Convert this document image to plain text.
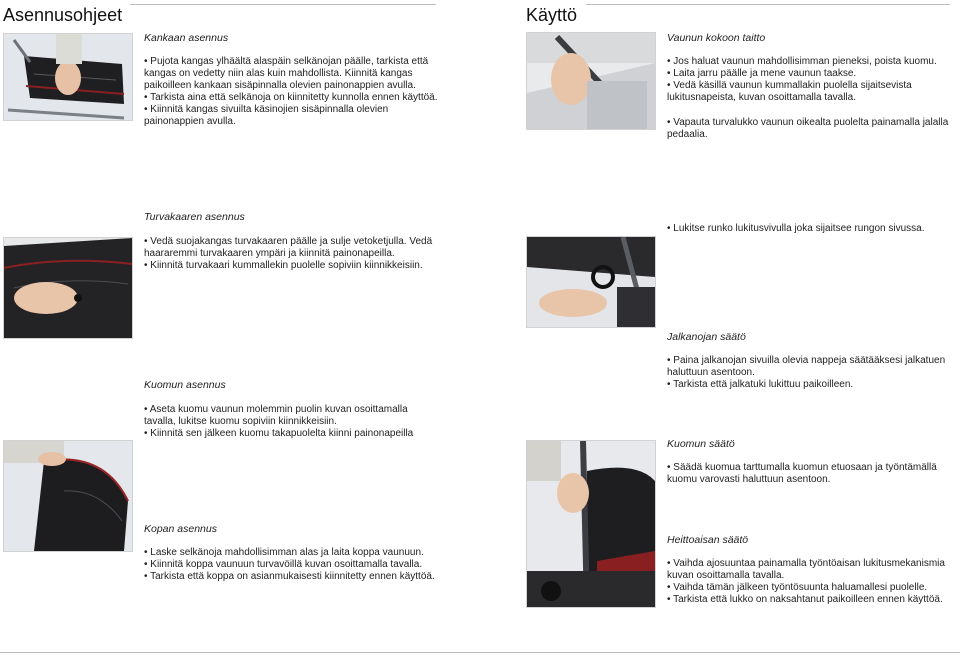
Asennusohjeet	Käyttö
Kankaan asennus
• Pujota kangas ylhäältä alaspäin selkänojan päälle, tarkista että kangas on vedetty niin alas kuin mahdollista. Kiinnitä kangas paikoilleen kankaan sisäpinnalla olevien painonappien avulla.
• Tarkista aina että selkänoja on kiinnitetty kunnolla ennen käyttöä.
• Kiinnitä kangas sivuilta käsinojien sisäpinnalla olevien painonappien avulla.
Turvakaaren asennus
• Vedä suojakangas turvakaaren päälle ja sulje vetoketjulla. Vedä haararemmi turvakaaren ympäri ja kiinnitä painonapeilla.
• Kiinnitä turvakaari kummallekin puolelle sopiviin kiinnikkeisiin.
Kuomun asennus
• Aseta kuomu vaunun molemmin puolin kuvan osoittamalla tavalla, lukitse kuomu sopiviin kiinnikkeisiin.
• Kiinnitä sen jälkeen kuomu takapuolelta kiinni painonapeilla
Kopan asennus
• Laske selkänoja mahdollisimman alas ja laita koppa vaunuun.
• Kiinnitä koppa vaunuun turvavöillä kuvan osoittamalla tavalla.
• Tarkista että koppa on asianmukaisesti kiinnitetty ennen käyttöä.
Vaunun kokoon taitto
• Jos haluat vaunun mahdollisimman pieneksi, poista kuomu.
• Laita jarru päälle ja mene vaunun taakse.
• Vedä käsillä vaunun kummallakin puolella sijaitsevista lukitusnapeista, kuvan osoittamalla tavalla.
• Vapauta turvalukko vaunun oikealta puolelta painamalla jalalla pedaalia.
• Lukitse runko lukitusvivulla joka sijaitsee rungon sivussa.
Jalkanojan säätö
• Paina jalkanojan sivuilla olevia nappeja säätääksesi jalkatuen haluttuun asentoon.
• Tarkista että jalkatuki lukittuu paikoilleen.
Kuomun säätö
• Säädä kuomua tarttumalla kuomun etuosaan ja työntämällä kuomu varovasti haluttuun asentoon.
Heittoaisan säätö
• Vaihda ajosuuntaa painamalla työntöaisan lukitusmekanismia kuvan osoittamalla tavalla.
• Vaihda tämän jälkeen työntösuunta haluamallesi puolelle.
• Tarkista että lukko on naksahtanut paikoilleen ennen käyttöä.
